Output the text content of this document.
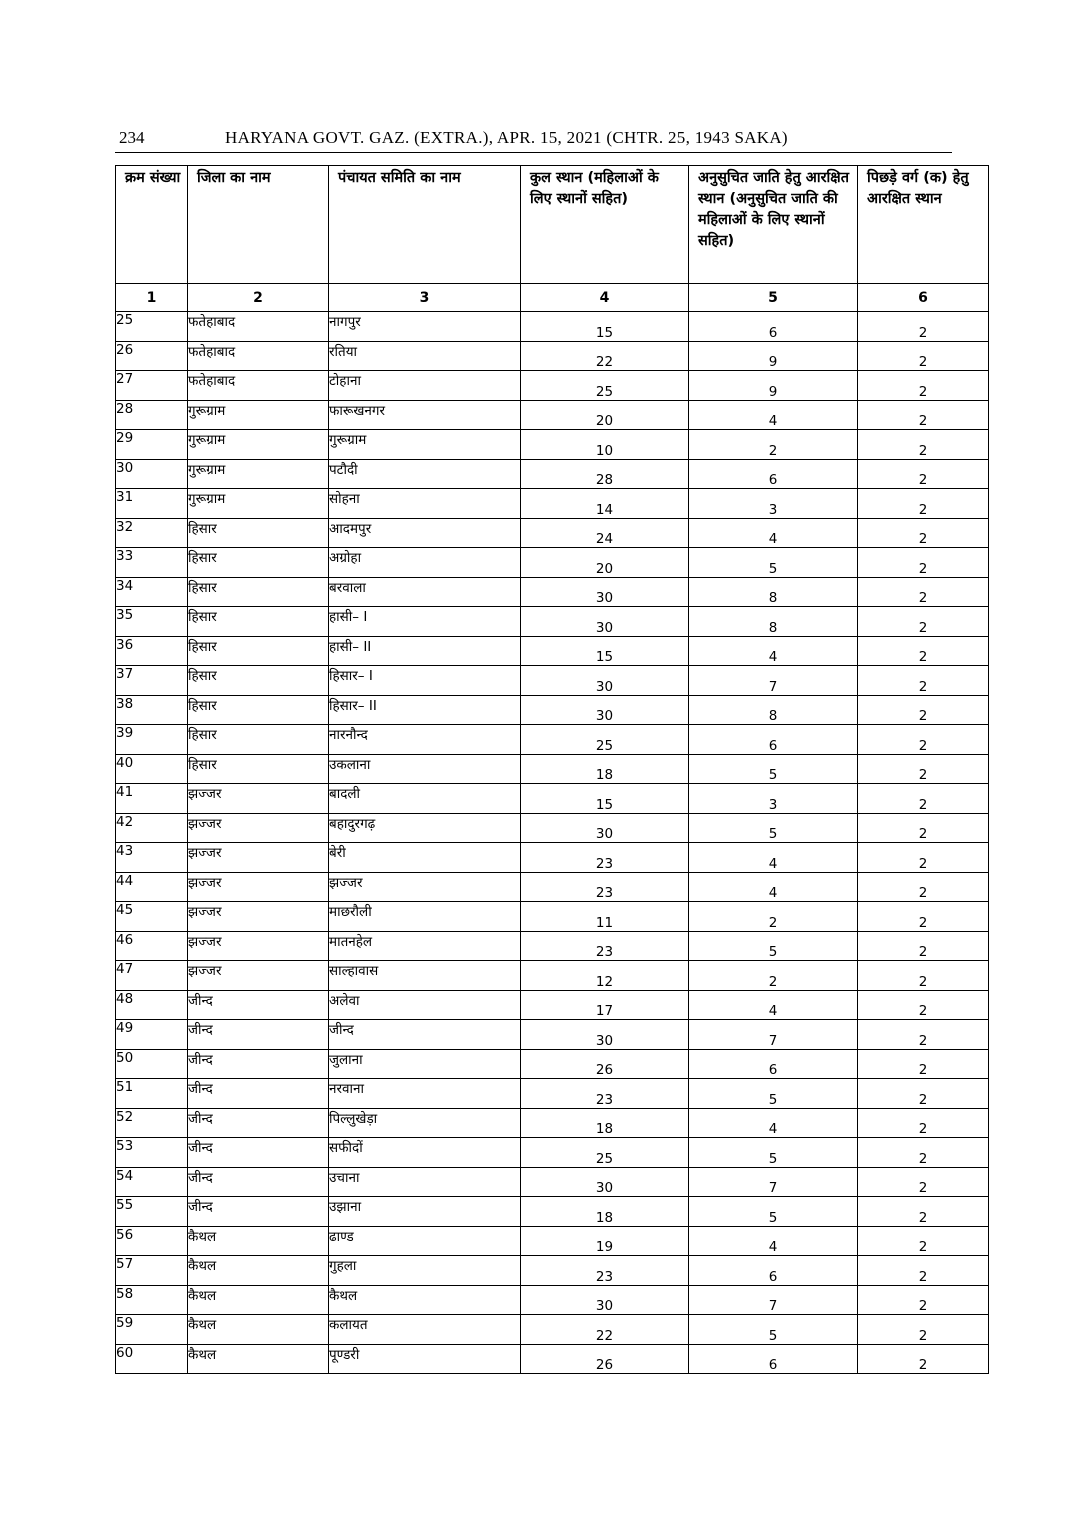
234	HARYANA GOVT. GAZ. (EXTRA.), APR. 15, 2021 (CHTR. 25, 1943 SAKA)
क्रम संख्या	जिला का नाम	पंचायत समिति का नाम	कुल स्थान (महिलाओं के लिए स्थानों सहित)	अनुसुचित जाति हेतु आरक्षित स्थान (अनुसुचित जाति की महिलाओं के लिए स्थानों सहित)	पिछड़े वर्ग (क) हेतु आरक्षित स्थान
1	2	3	4	5	6
25	फतेहाबाद	नागपुर	15	6	2
26	फतेहाबाद	रतिया	22	9	2
27	फतेहाबाद	टोहाना	25	9	2
28	गुरूग्राम	फारूखनगर	20	4	2
29	गुरूग्राम	गुरूग्राम	10	2	2
30	गुरूग्राम	पटौदी	28	6	2
31	गुरूग्राम	सोहना	14	3	2
32	हिसार	आदमपुर	24	4	2
33	हिसार	अग्रोहा	20	5	2
34	हिसार	बरवाला	30	8	2
35	हिसार	हासी– I	30	8	2
36	हिसार	हासी– II	15	4	2
37	हिसार	हिसार– I	30	7	2
38	हिसार	हिसार– II	30	8	2
39	हिसार	नारनौन्द	25	6	2
40	हिसार	उकलाना	18	5	2
41	झज्जर	बादली	15	3	2
42	झज्जर	बहादुरगढ़	30	5	2
43	झज्जर	बेरी	23	4	2
44	झज्जर	झज्जर	23	4	2
45	झज्जर	माछरौली	11	2	2
46	झज्जर	मातनहेल	23	5	2
47	झज्जर	साल्हावास	12	2	2
48	जीन्द	अलेवा	17	4	2
49	जीन्द	जीन्द	30	7	2
50	जीन्द	जुलाना	26	6	2
51	जीन्द	नरवाना	23	5	2
52	जीन्द	पिल्लुखेड़ा	18	4	2
53	जीन्द	सफीदों	25	5	2
54	जीन्द	उचाना	30	7	2
55	जीन्द	उझाना	18	5	2
56	कैथल	ढाण्ड	19	4	2
57	कैथल	गुहला	23	6	2
58	कैथल	कैथल	30	7	2
59	कैथल	कलायत	22	5	2
60	कैथल	पूण्डरी	26	6	2
